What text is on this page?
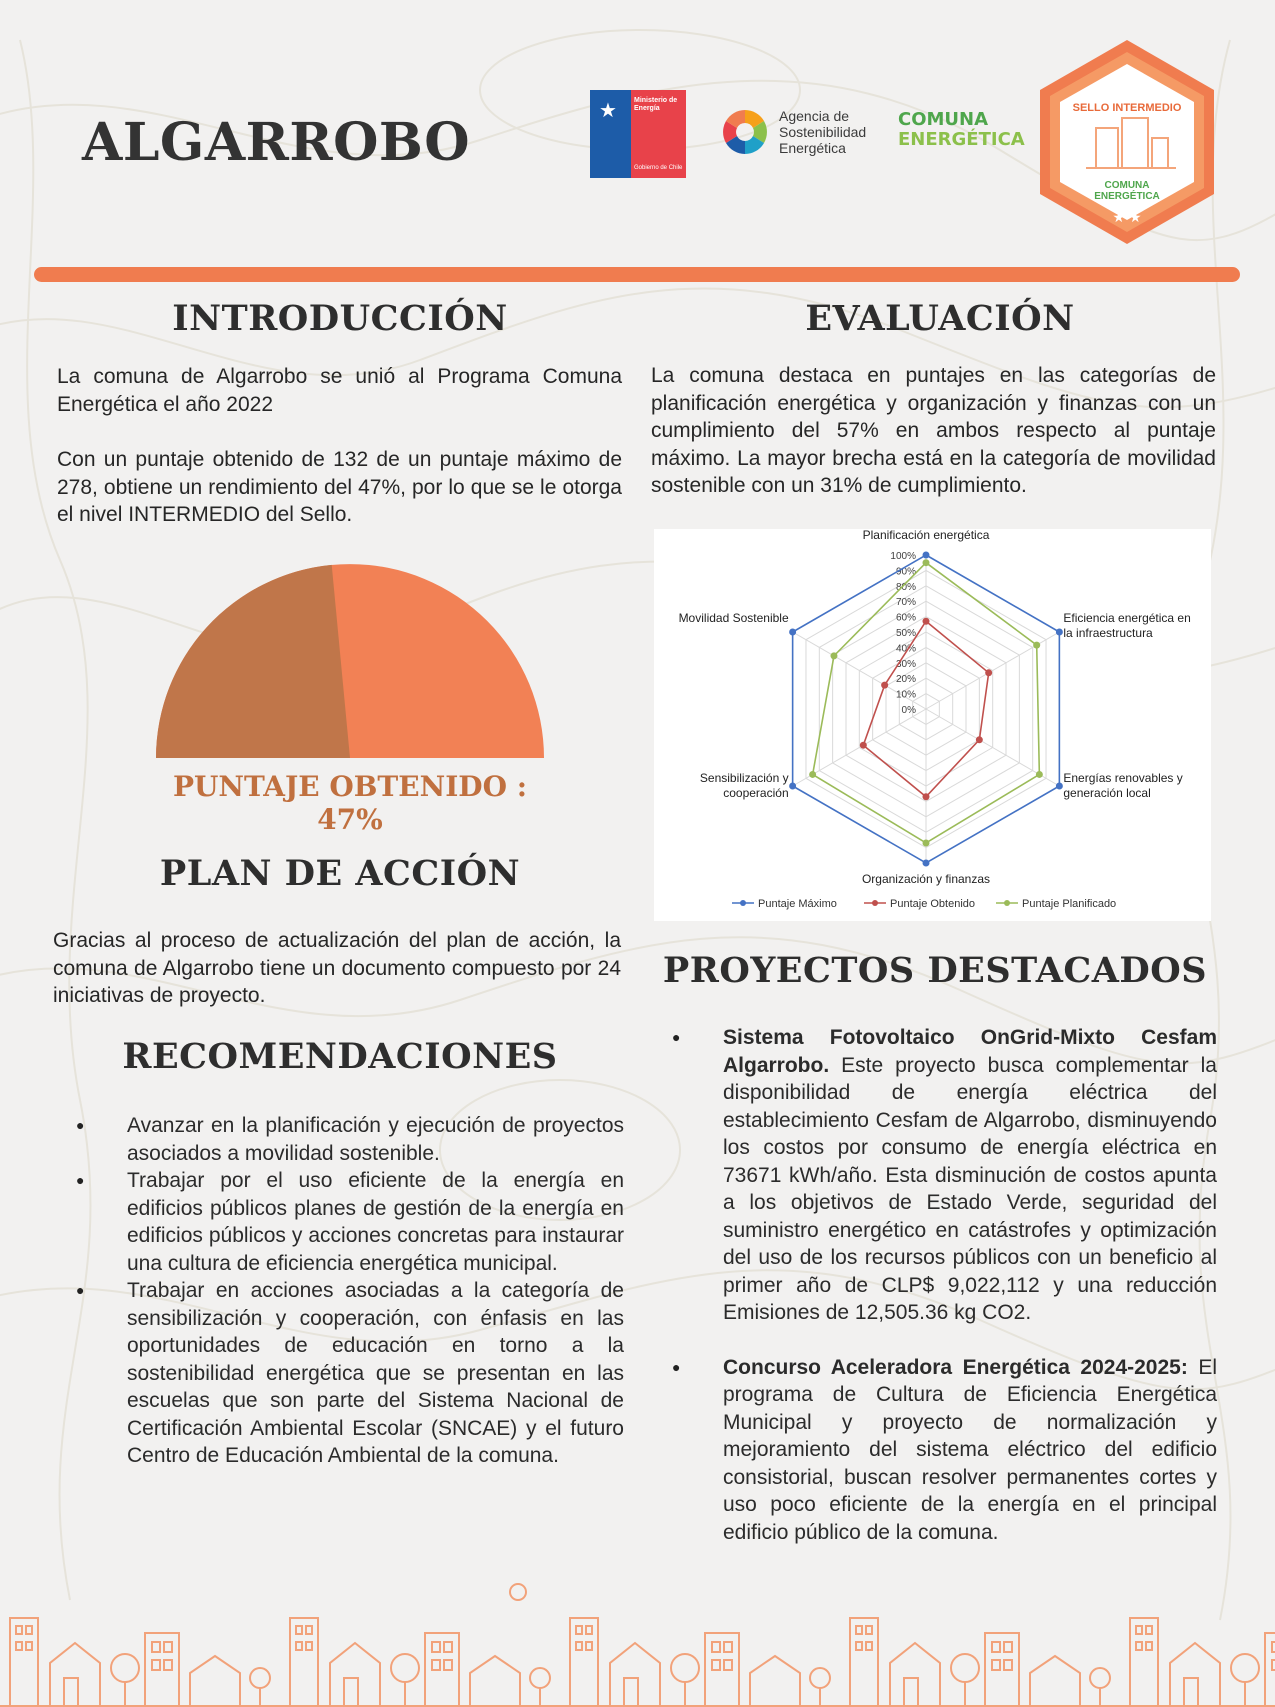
ALGARROBO
★ Ministerio de Energía
Gobierno de Chile
Agencia de
Sostenibilidad
Energética
COMUNA
ENERGÉTICA
★ ★
SELLO INTERMEDIO
COMUNA
ENERGÉTICA
INTRODUCCIÓN

La comuna de Algarrobo se unió al Programa Comuna Energética el año 2022

Con un puntaje obtenido de 132 de un puntaje máximo de 278, obtiene un rendimiento del 47%, por lo que se le otorga el nivel INTERMEDIO del Sello.

PUNTAJE OBTENIDO : 47%
PLAN DE ACCIÓN

Gracias al proceso de actualización del plan de acción, la comuna de Algarrobo tiene un documento compuesto por 24 iniciativas de proyecto.

RECOMENDACIONES
● Avanzar en la planificación y ejecución de proyectos asociados a movilidad sostenible.
● Trabajar por el uso eficiente de la energía en edificios públicos planes de gestión de la energía en edificios públicos y acciones concretas para instaurar una cultura de eficiencia energética municipal.
● Trabajar en acciones asociadas a la categoría de sensibilización y cooperación, con énfasis en las oportunidades de educación en torno a la sostenibilidad energética que se presentan en las escuelas que son parte del Sistema Nacional de Certificación Ambiental Escolar (SNCAE) y el futuro Centro de Educación Ambiental de la comuna.
EVALUACIÓN

La comuna destaca en puntajes en las categorías de planificación energética y organización y finanzas con un cumplimiento del 57% en ambos respecto al puntaje máximo. La mayor brecha está en la categoría de movilidad sostenible con un 31% de cumplimiento.

0%
10%
20%
30%
40%
50%
60%
70%
80%
90%
100%
Planificación energética
Eficiencia energética en
la infraestructura
Energías renovables y
generación local
Organización y finanzas
Sensibilización y
cooperación
Movilidad Sostenible
Puntaje Máximo	Puntaje Obtenido	Puntaje Planificado
PROYECTOS DESTACADOS
● Sistema Fotovoltaico OnGrid-Mixto Cesfam Algarrobo. Este proyecto busca complementar la disponibilidad de energía eléctrica del establecimiento Cesfam de Algarrobo, disminuyendo los costos por consumo de energía eléctrica en 73671 kWh/año. Esta disminución de costos apunta a los objetivos de Estado Verde, seguridad del suministro energético en catástrofes y optimización del uso de los recursos públicos con un beneficio al primer año de CLP$ 9,022,112 y una reducción Emisiones de 12,505.36 kg CO2.
● Concurso Aceleradora Energética 2024-2025: El programa de Cultura de Eficiencia Energética Municipal y proyecto de normalización y mejoramiento del sistema eléctrico del edificio consistorial, buscan resolver permanentes cortes y uso poco eficiente de la energía en el principal edificio público de la comuna.
